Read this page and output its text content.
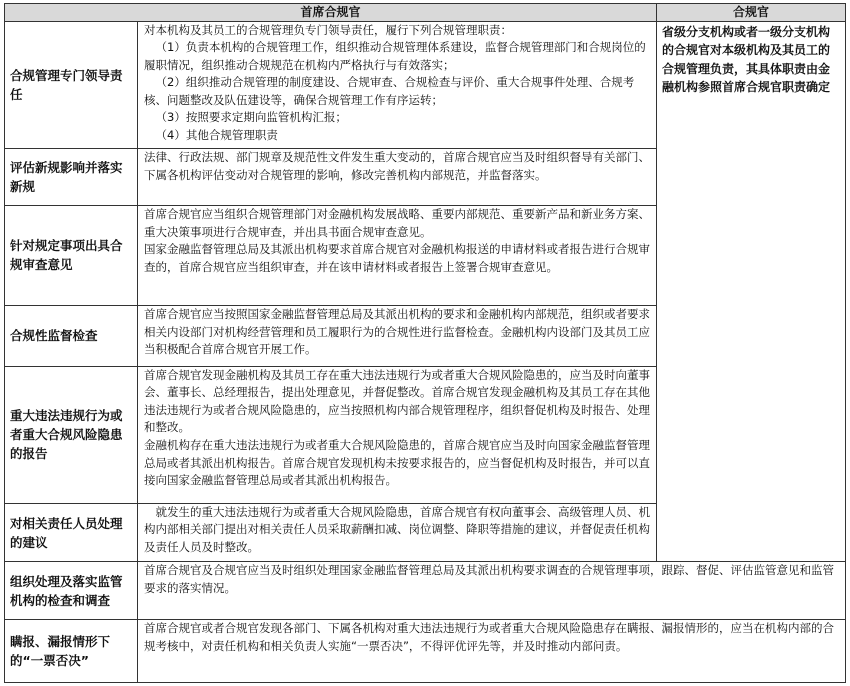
首席合规官		合规官
合规管理专门领导责任	对本机构及其员工的合规管理负专门领导责任，履行下列合规管理职责：

（1）负责本机构的合规管理工作，组织推动合规管理体系建设，监督合规管理部门和合规岗位的履职情况，组织推动合规规范在机构内严格执行与有效落实；

（2）组织推动合规管理的制度建设、合规审查、合规检查与评价、重大合规事件处理、合规考核、问题整改及队伍建设等，确保合规管理工作有序运转；

（3）按照要求定期向监管机构汇报；

（4）其他合规管理职责	省级分支机构或者一级分支机构的合规官对本级机构及其员工的合规管理负责，其具体职责由金融机构参照首席合规官职责确定
评估新规影响并落实新规	法律、行政法规、部门规章及规范性文件发生重大变动的，首席合规官应当及时组织督导有关部门、下属各机构评估变动对合规管理的影响，修改完善机构内部规范，并监督落实。	

针对规定事项出具合规审查意见	首席合规官应当组织合规管理部门对金融机构发展战略、重要内部规范、重要新产品和新业务方案、重大决策事项进行合规审查，并出具书面合规审查意见。

国家金融监督管理总局及其派出机构要求首席合规官对金融机构报送的申请材料或者报告进行合规审查的，首席合规官应当组织审查，并在该申请材料或者报告上签署合规审查意见。	

合规性监督检查	首席合规官应当按照国家金融监督管理总局及其派出机构的要求和金融机构内部规范，组织或者要求相关内设部门对机构经营管理和员工履职行为的合规性进行监督检查。金融机构内设部门及其员工应当积极配合首席合规官开展工作。	

重大违法违规行为或者重大合规风险隐患的报告	首席合规官发现金融机构及其员工存在重大违法违规行为或者重大合规风险隐患的，应当及时向董事会、董事长、总经理报告，提出处理意见，并督促整改。首席合规官发现金融机构及其员工存在其他违法违规行为或者合规风险隐患的，应当按照机构内部合规管理程序，组织督促机构及时报告、处理和整改。

金融机构存在重大违法违规行为或者重大合规风险隐患的，首席合规官应当及时向国家金融监督管理总局或者其派出机构报告。首席合规官发现机构未按要求报告的，应当督促机构及时报告，并可以直接向国家金融监督管理总局或者其派出机构报告。	

对相关责任人员处理的建议	就发生的重大违法违规行为或者重大合规风险隐患，首席合规官有权向董事会、高级管理人员、机构内部相关部门提出对相关责任人员采取薪酬扣减、岗位调整、降职等措施的建议，并督促责任机构及责任人员及时整改。	

组织处理及落实监管机构的检查和调查	首席合规官及合规官应当及时组织处理国家金融监督管理总局及其派出机构要求调查的合规管理事项，跟踪、督促、评估监管意见和监管要求的落实情况。	

瞒报、漏报情形下的“一票否决”	首席合规官或者合规官发现各部门、下属各机构对重大违法违规行为或者重大合规风险隐患存在瞒报、漏报情形的，应当在机构内部的合规考核中，对责任机构和相关负责人实施“一票否决”，不得评优评先等，并及时推动内部问责。	
